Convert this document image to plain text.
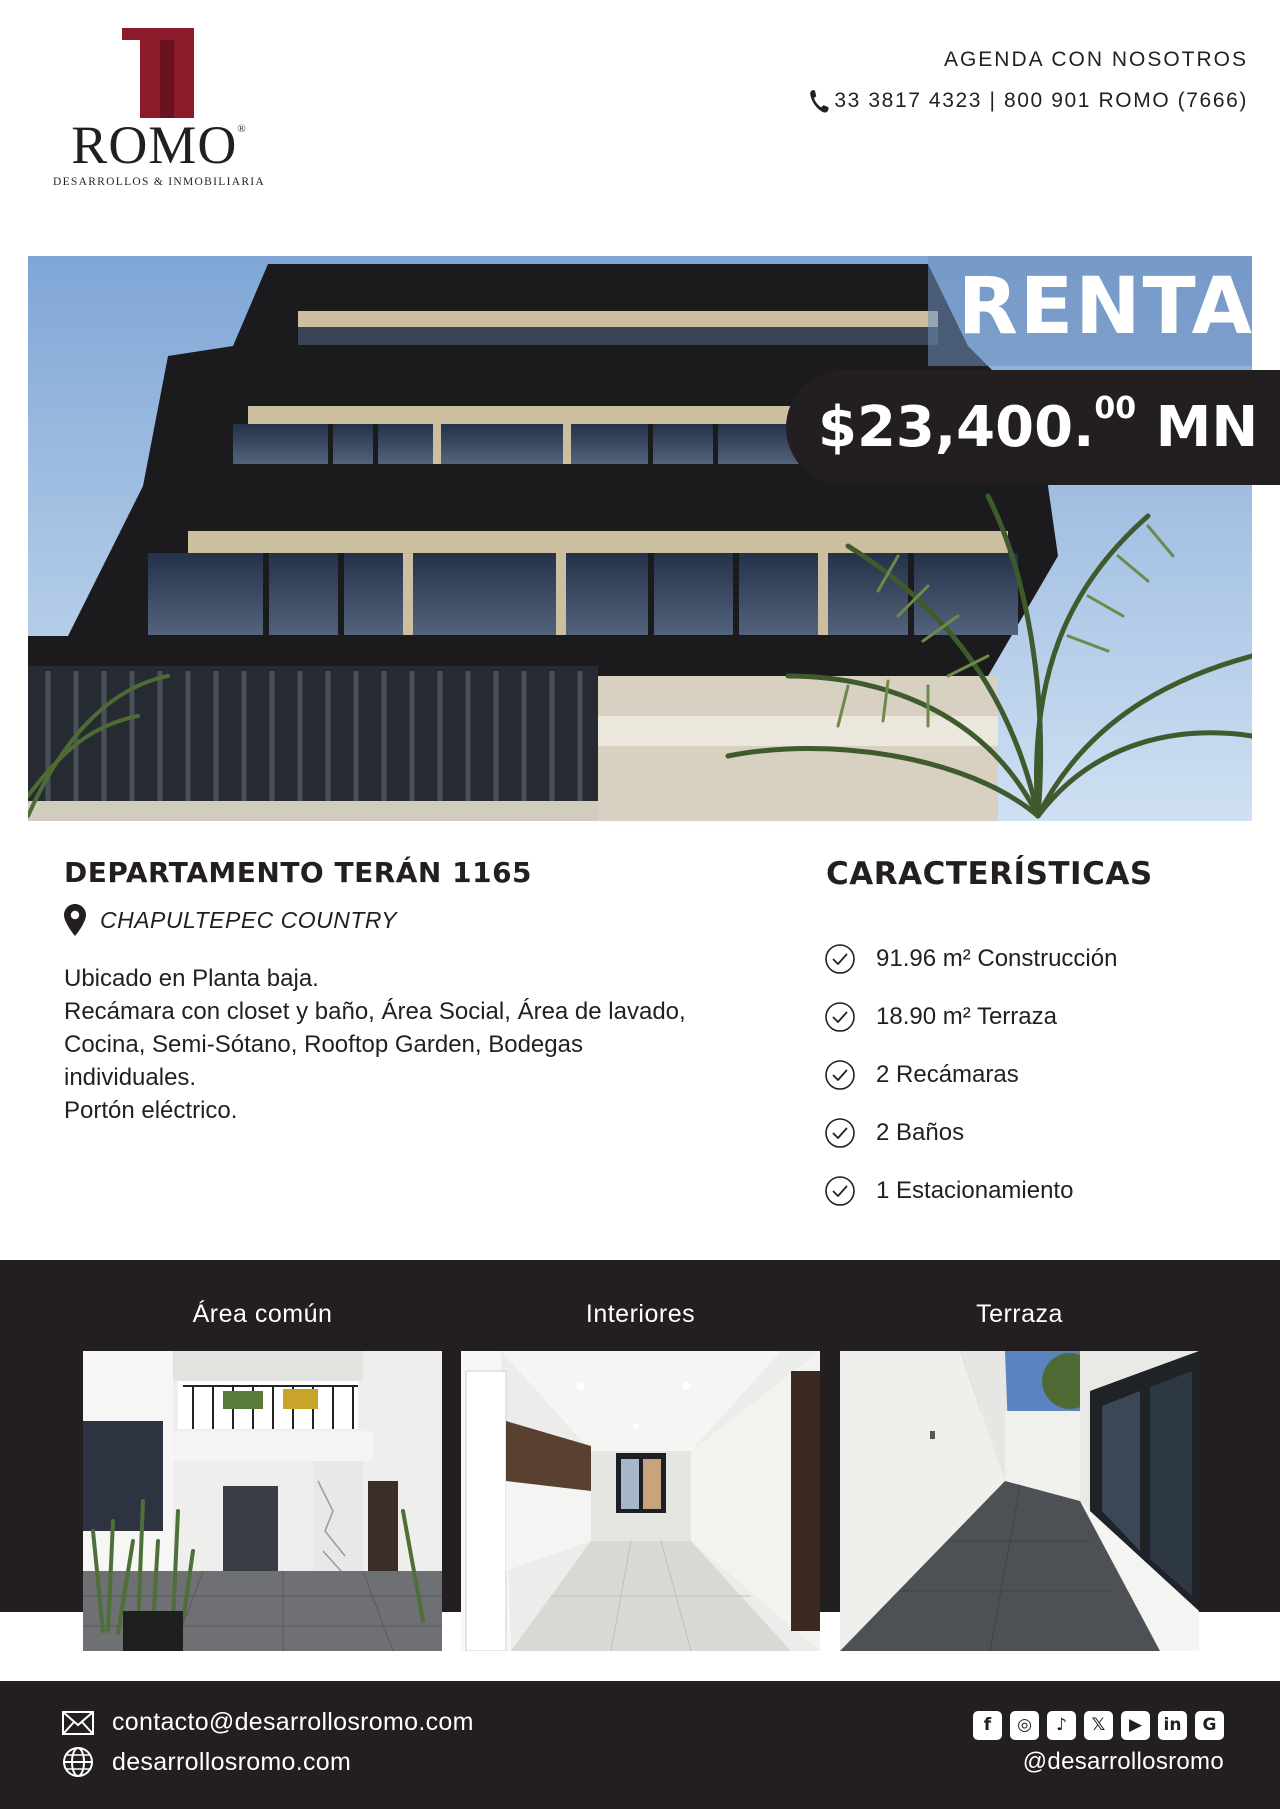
ROMO®
DESARROLLOS & INMOBILIARIA
AGENDA CON NOSOTROS
33 3817 4323 | 800 901 ROMO (7666)
RENTA
$23,400.00 MN
DEPARTAMENTO TERÁN 1165
CHAPULTEPEC COUNTRY

Ubicado en Planta baja.

Recámara con closet y baño, Área Social, Área de lavado, Cocina, Semi-Sótano, Rooftop Garden, Bodegas individuales.

Portón eléctrico.

CARACTERÍSTICAS
91.96 m² Construcción
18.90 m² Terraza
2 Recámaras
2 Baños
1 Estacionamiento
Área común	Interiores	Terraza
contacto@desarrollosromo.com
desarrollosromo.com
f	◎	♪	𝕏	▶	in	G
@desarrollosromo
